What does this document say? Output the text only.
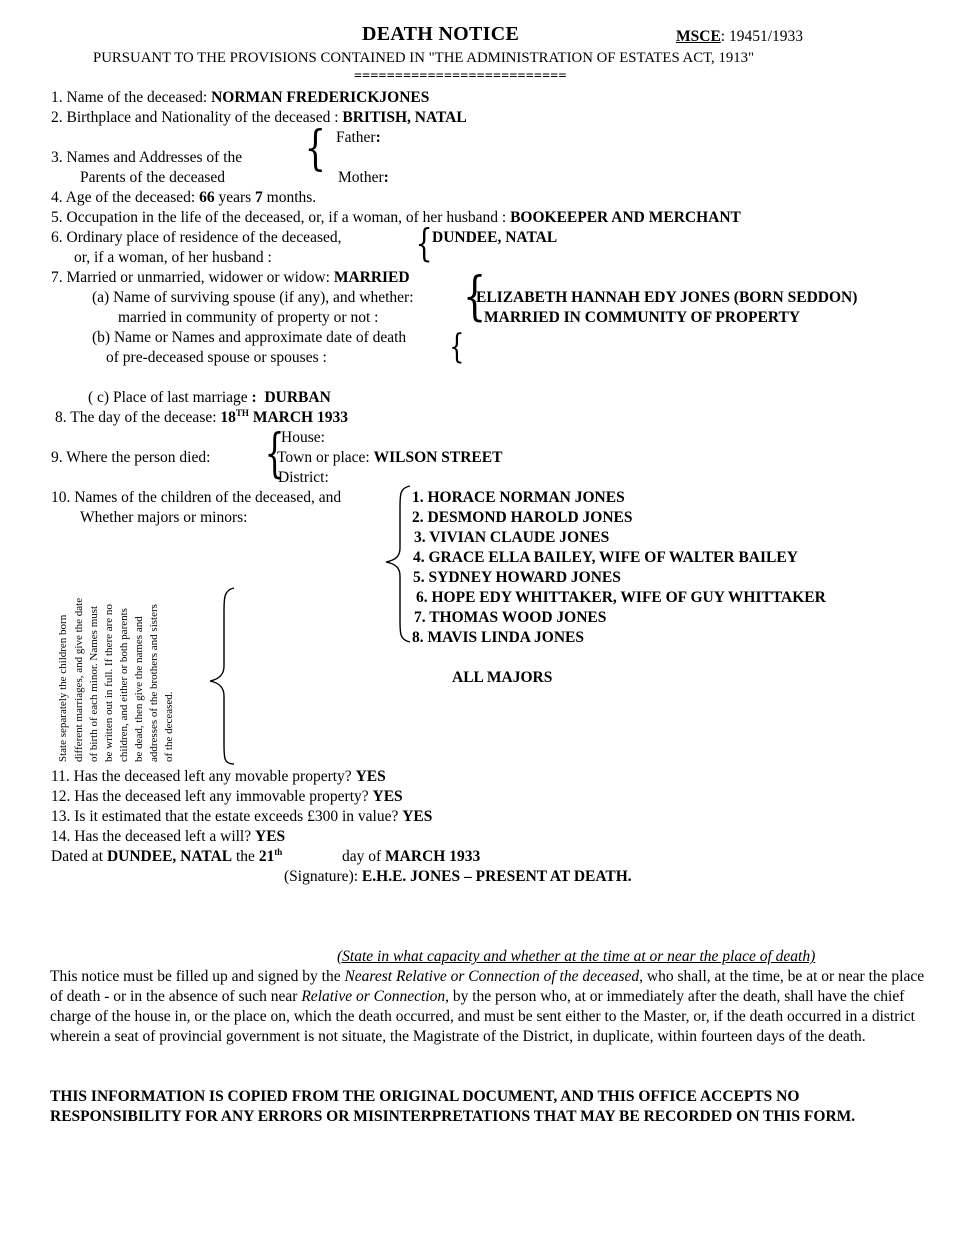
DEATH NOTICE	MSCE: 19451/1933
PURSUANT TO THE PROVISIONS CONTAINED IN "THE ADMINISTRATION OF ESTATES ACT, 1913"
==========================
1. Name of the deceased: NORMAN FREDERICKJONES
2. Birthplace and Nationality of the deceased : BRITISH, NATAL
3. Names and Addresses of the
Parents of the deceased
{ Father:
Mother:
4. Age of the deceased: 66 years 7 months.
5. Occupation in the life of the deceased, or, if a woman, of her husband : BOOKEEPER AND MERCHANT
6. Ordinary place of residence of the deceased,
or, if a woman, of her husband :	{ DUNDEE, NATAL
7. Married or unmarried, widower or widow: MARRIED
(a) Name of surviving spouse (if any), and whether:
married in community of property or not : {
ELIZABETH HANNAH EDY JONES (BORN SEDDON)
MARRIED IN COMMUNITY OF PROPERTY
(b) Name or Names and approximate date of death
of pre-deceased spouse or spouses :	{
( c) Place of last marriage : DURBAN
8. The day of the decease: 18TH MARCH 1933
9. Where the person died: {
House:
Town or place: WILSON STREET
District:
10. Names of the children of the deceased, and
Whether majors or minors:
1. HORACE NORMAN JONES
2. DESMOND HAROLD JONES
3. VIVIAN CLAUDE JONES
4. GRACE ELLA BAILEY, WIFE OF WALTER BAILEY
5. SYDNEY HOWARD JONES
6. HOPE EDY WHITTAKER, WIFE OF GUY WHITTAKER
7. THOMAS WOOD JONES
8. MAVIS LINDA JONES
ALL MAJORS
State separately the children born different marriages, and give the date of birth of each minor. Names must be written out in full. If there are no children, and either or both parents be dead, then give the names and addresses of the brothers and sisters of the deceased.
11. Has the deceased left any movable property? YES
12. Has the deceased left any immovable property? YES
13. Is it estimated that the estate exceeds £300 in value? YES
14. Has the deceased left a will? YES
Dated at DUNDEE, NATAL the 21th	day of MARCH 1933
(Signature): E.H.E. JONES – PRESENT AT DEATH.
(State in what capacity and whether at the time at or near the place of death)
This notice must be filled up and signed by the Nearest Relative or Connection of the deceased, who shall, at the time, be at or near the place of death - or in the absence of such near Relative or Connection, by the person who, at or immediately after the death, shall have the chief charge of the house in, or the place on, which the death occurred, and must be sent either to the Master, or, if the death occurred in a district wherein a seat of provincial government is not situate, the Magistrate of the District, in duplicate, within fourteen days of the death.
THIS INFORMATION IS COPIED FROM THE ORIGINAL DOCUMENT, AND THIS OFFICE ACCEPTS NO RESPONSIBILITY FOR ANY ERRORS OR MISINTERPRETATIONS THAT MAY BE RECORDED ON THIS FORM.
